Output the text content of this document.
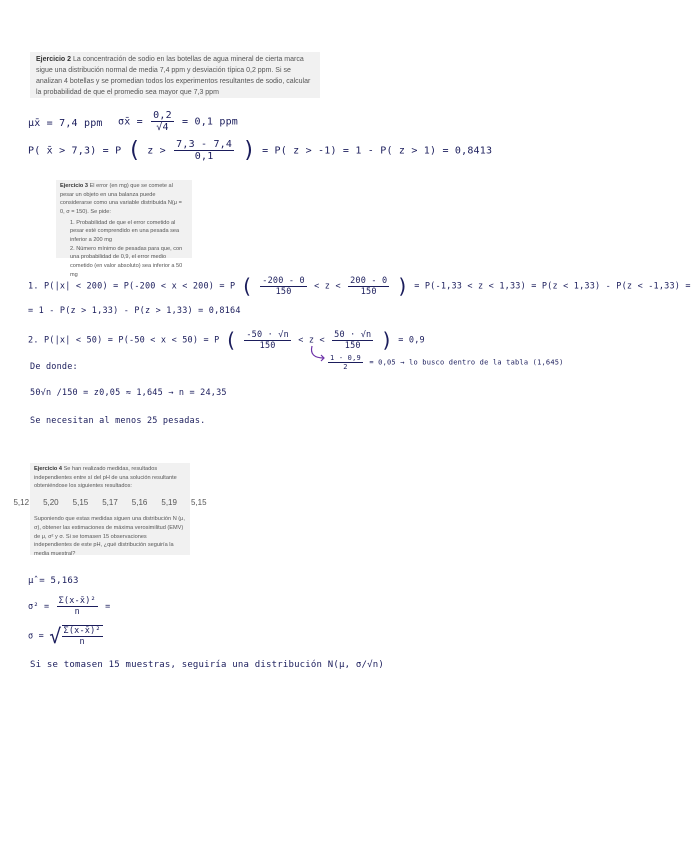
Ejercicio 2 La concentración de sodio en las botellas de agua mineral de cierta marca sigue una distribución normal de media 7,4 ppm y desviación típica 0,2 ppm. Si se analizan 4 botellas y se promedian todos los experimentos resultantes de sodio, calcular la probabilidad de que el promedio sea mayor que 7,3 ppm
μx̄ = 7,4 ppm σx̄ = $\frac{0,2}{√4} = 0,1$ ppm
P( x̄ > 7,3) = P ( $z > \frac{7,3 - 7,4}{0,1}$ ) = P( z > -1) = 1 - P( z > 1) = 0,8413
Ejercicio 3 El error (en mg) que se comete al pesar un objeto en una balanza puede considerarse como una variable distribuida N(μ = 0, σ = 150). Se pide:
1. Probabilidad de que el error cometido al pesar esté comprendido en una pesada sea inferior a 200 mg
2. Número mínimo de pesadas para que, con una probabilidad de 0,9, el error medio cometido (en valor absoluto) sea inferior a 50 mg
1. P(|x| < 200) = P(-200 < x < 200) = P ( $\frac{-200 - 0}{150} < z < \frac{200 - 0}{150}$ ) = P(-1,33 < z < 1,33) = P(z < 1,33) - P(z < -1,33) =
= 1 - P(z > 1,33) - P(z > 1,33) = 0,8164
2. P(|x| < 50) = P(-50 < x < 50) = P ( $\frac{-50 \cdot √n}{150} < z < \frac{50 \cdot √n}{150}$ ) = 0,9
$\frac{1 - 0,9}{2} = 0,05$ → lo busco dentro de la tabla (1,645)
De donde:
50√n /150 = z0,05 ≈ 1,645 → n = 24,35
Se necesitan al menos 25 pesadas.
Ejercicio 4 Se han realizado medidas, resultados independientes entre sí del pH de una solución resultante obteniéndose los siguientes resultados:
5,12 5,20 5,15 5,17 5,16 5,19 5,15
Suponiendo que estas medidas siguen una distribución N (μ, σ), obtener las estimaciones de máxima verosimilitud (EMV) de μ, σ² y σ. Si se tomasen 15 observaciones independientes de este pH, ¿qué distribución seguiría la media muestral?
μ̂ = 5,163
$\sigma^2 = \frac{\text{Σ(x-x̄)²}}{n}$ =
σ = √ $\frac{\text{Σ(x-x̄)²}}{n}$
Si se tomasen 15 muestras, seguiría una distribución N(μ, σ/√n)
